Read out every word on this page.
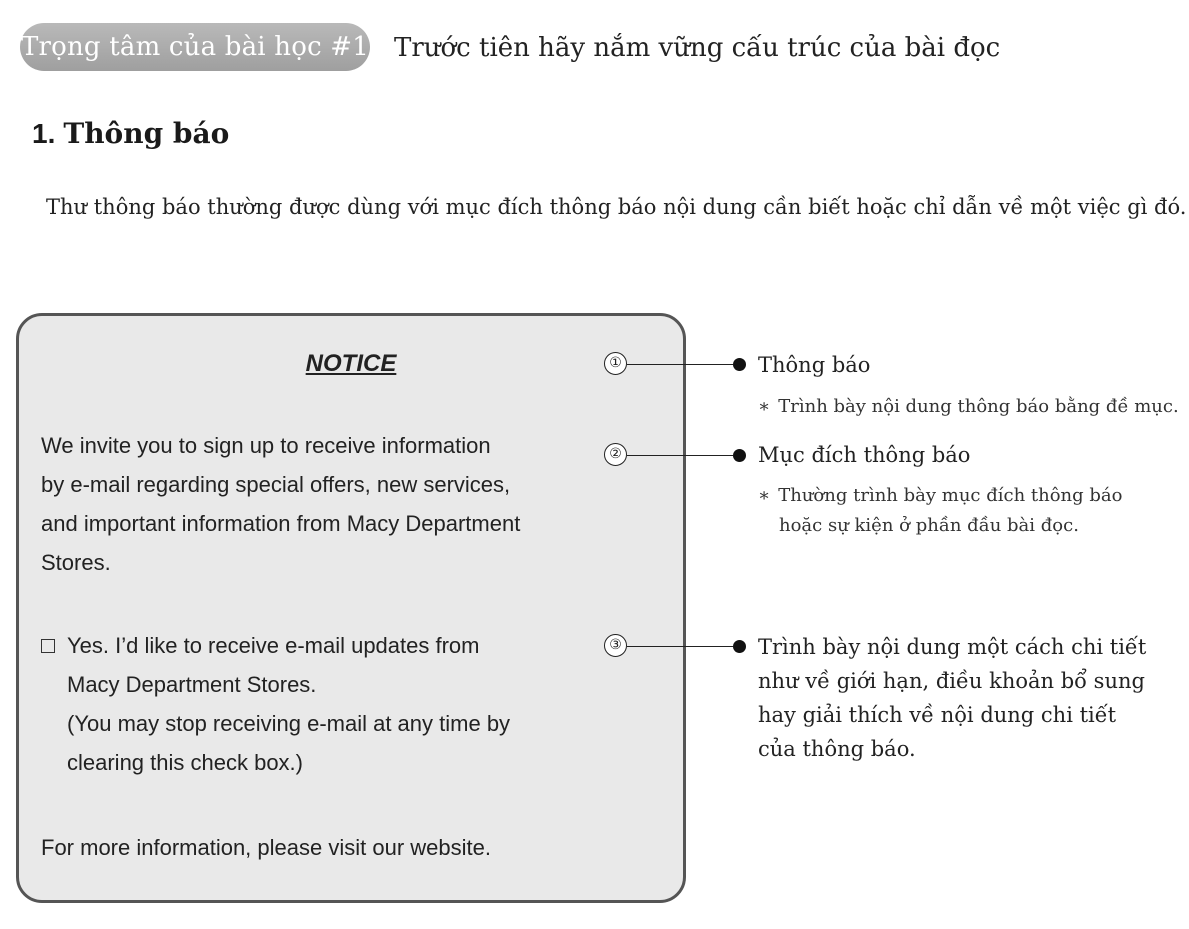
Trọng tâm của bài học #1 Trước tiên hãy nắm vững cấu trúc của bài đọc
1. Thông báo
Thư thông báo thường được dùng với mục đích thông báo nội dung cần biết hoặc chỉ dẫn về một việc gì đó.
NOTICE
We invite you to sign up to receive information
by e-mail regarding special offers, new services,
and important information from Macy Department
Stores.
Yes. I’d like to receive e-mail updates from
Macy Department Stores.
(You may stop receiving e-mail at any time by
clearing this check box.)
For more information, please visit our website.
①	Thông báo
∗ Trình bày nội dung thông báo bằng đề mục.
②	Mục đích thông báo
∗ Thường trình bày mục đích thông báo
hoặc sự kiện ở phần đầu bài đọc.
③	Trình bày nội dung một cách chi tiết
như về giới hạn, điều khoản bổ sung
hay giải thích về nội dung chi tiết
của thông báo.
